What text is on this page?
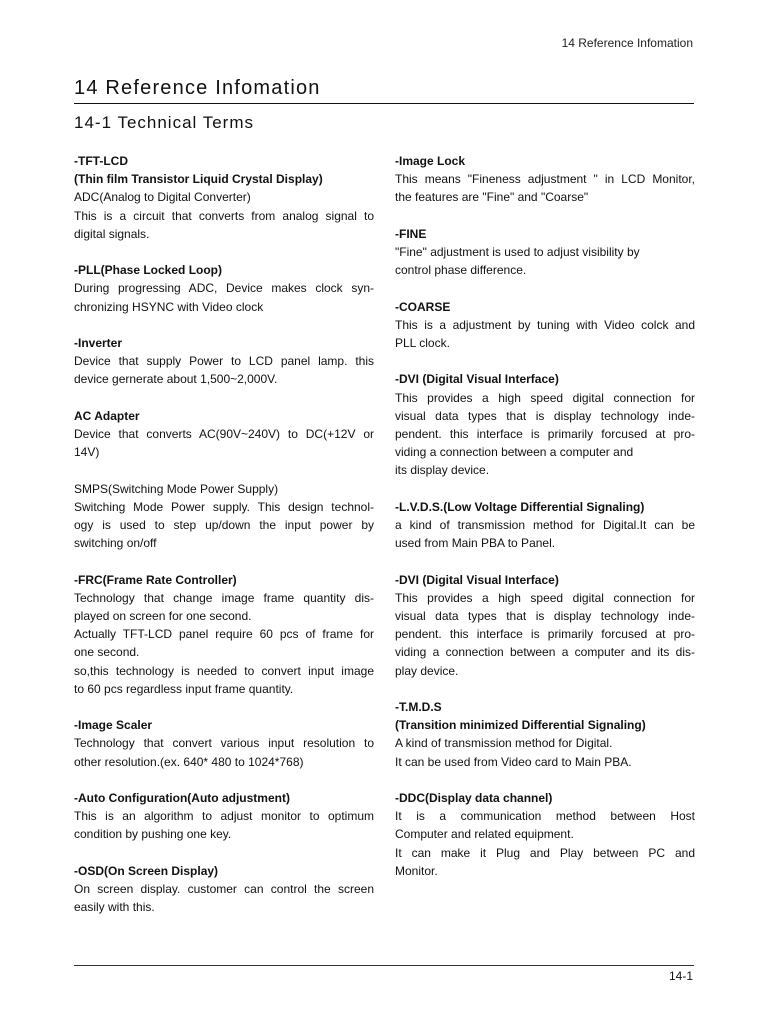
14 Reference Infomation
14 Reference Infomation
14-1 Technical Terms
-TFT-LCD
(Thin film Transistor Liquid Crystal Display)
ADC(Analog to Digital Converter)
This is a circuit that converts from analog signal to
digital signals.
-PLL(Phase Locked Loop)
During progressing ADC, Device makes clock syn-
chronizing HSYNC with Video clock
-Inverter
Device that supply Power to LCD panel lamp. this
device gernerate about 1,500~2,000V.
AC Adapter
Device that converts AC(90V~240V) to DC(+12V or
14V)
SMPS(Switching Mode Power Supply)
Switching Mode Power supply. This design technol-
ogy is used to step up/down the input power by
switching on/off
-FRC(Frame Rate Controller)
Technology that change image frame quantity dis-
played on screen for one second.
Actually TFT-LCD panel require 60 pcs of frame for
one second.
so,this technology is needed to convert input image
to 60 pcs regardless input frame quantity.
-Image Scaler
Technology that convert various input resolution to
other resolution.(ex. 640* 480 to 1024*768)
-Auto Configuration(Auto adjustment)
This is an algorithm to adjust monitor to optimum
condition by pushing one key.
-OSD(On Screen Display)
On screen display. customer can control the screen
easily with this.
-Image Lock
This means "Fineness adjustment " in LCD Monitor,
the features are "Fine" and "Coarse"
-FINE
"Fine" adjustment is used to adjust visibility by
control phase difference.
-COARSE
This is a adjustment by tuning with Video colck and
PLL clock.
-DVI (Digital Visual Interface)
This provides a high speed digital connection for
visual data types that is display technology inde-
pendent. this interface is primarily forcused at pro-
viding a connection between a computer and
its display device.
-L.V.D.S.(Low Voltage Differential Signaling)
a kind of transmission method for Digital.It can be
used from Main PBA to Panel.
-DVI (Digital Visual Interface)
This provides a high speed digital connection for
visual data types that is display technology inde-
pendent. this interface is primarily forcused at pro-
viding a connection between a computer and its dis-
play device.
-T.M.D.S
(Transition minimized Differential Signaling)
A kind of transmission method for Digital.
It can be used from Video card to Main PBA.
-DDC(Display data channel)
It is a communication method between Host
Computer and related equipment.
It can make it Plug and Play between PC and
Monitor.
14-1
